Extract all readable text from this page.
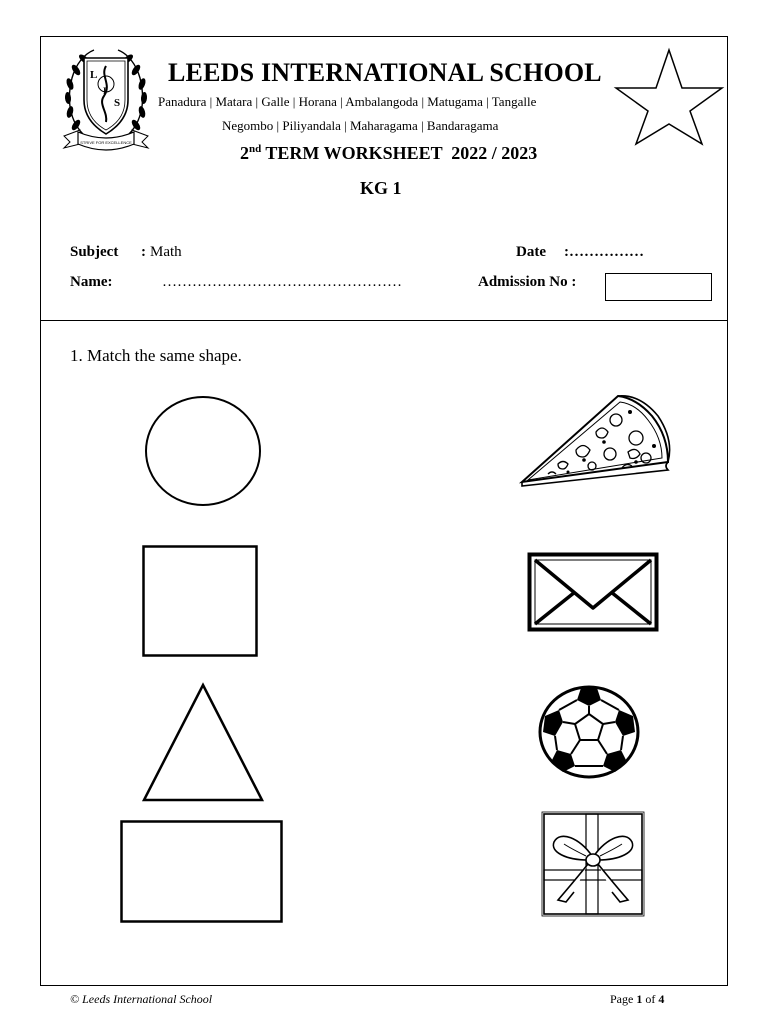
L
I
S
STRIVE FOR EXCELLENCE
LEEDS INTERNATIONAL SCHOOL
Panadura | Matara | Galle | Horana | Ambalangoda | Matugama | Tangalle
Negombo | Piliyandala | Maharagama | Bandaragama
2nd TERM WORKSHEET  2022 / 2023
KG 1
Subject : Math	Date :……………
Name:	…………………………………………	Admission No :
1. Match the same shape.
© Leeds International School	Page 1 of 4
